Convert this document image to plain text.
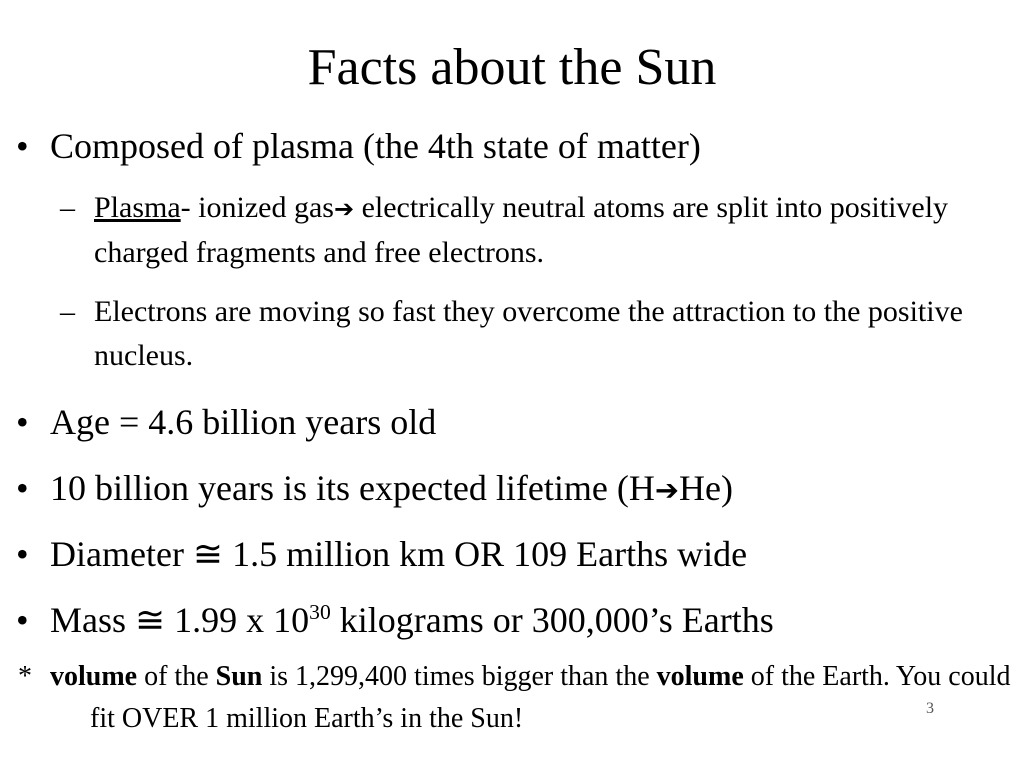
Facts about the Sun
• Composed of plasma (the 4th state of matter)
– Plasma- ionized gas➔ electrically neutral atoms are split into positively charged fragments and free electrons.
– Electrons are moving so fast they overcome the attraction to the positive nucleus.
• Age = 4.6 billion years old
• 10 billion years is its expected lifetime (H➔He)
• Diameter ≅ 1.5 million km OR 109 Earths wide
• Mass ≅ 1.99 x $10^{30}$ kilograms or 300,000’s Earths
* volume of the Sun is 1,299,400 times bigger than the volume of the Earth. You could fit OVER 1 million Earth’s in the Sun!	3
